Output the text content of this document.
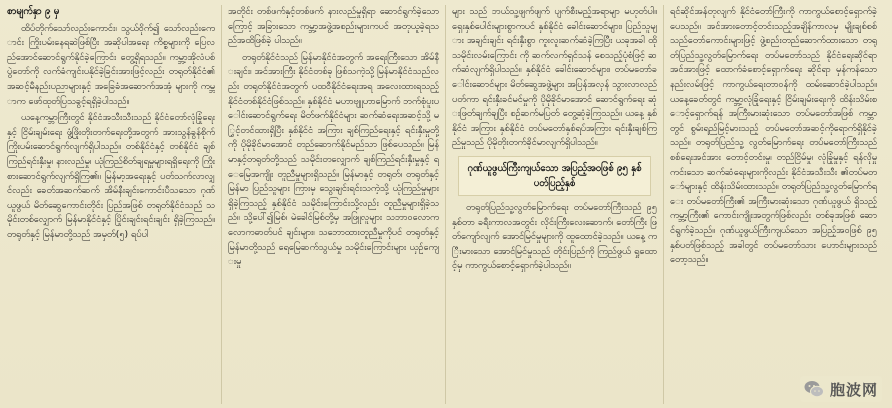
စာမျက်နှာ ၉ မှ

ထိပ်တိုက်သော်လည်းကောင်း၊ သွယ်ဝိုက်၍ သော်လည်းကောင်း ကြိုးပမ်းနေရဆဲဖြစ်ပြီး အဆိုပါအရေး ကိစ္စများကို ပြေလည်အောင်ဆောင်ရွက်နိုင်ခဲ့ကြောင်း တွေ့ရှိရသည်။ ကမ္ဘာ့အိုလံပစ် ပွဲတော်ကို လက်ခံကျင်းပနိုင်ခဲ့ခြင်းအားဖြင့်လည်း တရုတ်နိုင်ငံ၏ အဆင့်မီနည်းပညာများနှင့် အခြေခံအဆောက်အအုံ များကို ကမ္ဘာက ဖော်ထုတ်ပြသခွင့်ရရှိခဲ့ပါသည်။

ယနေ့ကမ္ဘာကြီးတွင် နိုင်ငံအသီးသီးသည် နိုင်ငံတော်လုံခြုံရေးနှင့် ငြိမ်းချမ်းရေး ဖွံ့ဖြိုးတိုးတက်ရေးတို့အတွက် အားသွန်ခွန်စိုက် ကြိုးပမ်းဆောင်ရွက်လျက်ရှိပါသည်။ တစ်နိုင်ငံနှင့် တစ်နိုင်ငံ ချစ်ကြည်ရင်းနှီးမှု၊ နားလည်မှု၊ ယုံကြည်စိတ်ချရမှုများရရှိရေးကို ကြိုးစားဆောင်ရွက်လျက်ရှိကြ၏။ မြန်မာ့အရေးနှင့် ပတ်သက်လာလျှင်လည်း ခေတ်အဆက်ဆက် အိမ်နီးချင်းကောင်းပီသသော ဂုဏ်ယူဖွယ် မိတ်ဆွေကောင်းတိုင်း ပြည်အဖြစ် တရုတ်နိုင်ငံသည် သမိုင်းတစ်လျှောက် မြန်မာနိုင်ငံနှင့် ပြိုင်းချင်းရင်းချင်း ရှိခဲ့ကြသည်။ တရုတ်နှင့် မြန်မာတို့သည် အမှတ်(၅) ရပ်ပါ

အတိုင်း တစ်ဖက်နှင့်တစ်ဖက် နားလည်မှုရှိရာ ဆောင်ရွက်ခဲ့သောကြောင့် အခြားသော ကမ္ဘာ့အဖွဲ့အစည်းများကပင် အတုယူခဲ့ရသည်အထိဖြစ်ခဲ့ ပါသည်။

တရုတ်နိုင်ငံသည် မြန်မာနိုင်ငံအတွက် အရေးကြီးသော အိမ်နီးချင်း၊ အင်အားကြီး နိုင်ငံတစ်ခု ဖြစ်သကဲ့သို့ မြန်မာနိုင်ငံသည်လည်း တရုတ်နိုင်ငံအတွက် ပထဝီနိုင်ငံရေးအရ အလေးထားရသည့် နိုင်ငံတစ်နိုင်ငံဖြစ်သည်။ နှစ်နိုင်ငံ မဟာဗျူဟာမြောက် ဘက်စုံပူးပေါင်းဆောင်ရွက်ရေး မိတ်ဖက်နိုင်ငံများ ဆက်ဆံရေးအဆင့်သို့ မြှင့်တင်ထားရှိပြီး နှစ်နိုင်ငံ အကြား ချစ်ကြည်ရေးနှင့် ရင်းနှီးမှုတို့ကို ပိုမိုခိုင်မာအောင် တည်ဆောက်နိုင်မည်သာ ဖြစ်ပေသည်။ မြန်မာနှင့်တရုတ်တို့သည် သမိုင်းတလျှောက် ချစ်ကြည်ရင်းနှီးမှုနှင့် ရေမြေအကျိုး တူညီမှုများရှိသည်။ မြန်မာနှင့် တရုတ်၊ တရုတ်နှင့်မြန်မာ ပြည်သူများ ကြားမှ သွေးချင်းရင်းသကဲ့သို့ ယုံကြည်မှုများ ရှိခဲ့ကြသည့် နှစ်နိုင်ငံ သမိုင်းကြောင်းသို့လည်း တူညီမှုများရှိခဲ့သည်။ သို့ပေါ်၍မြစ်၊ မဲခေါင်မြစ်တို့မှ အဖြူလူများ သဘာဝလောကလောကဓာတ်ပင် ချင်းများ၊ သဘောထားတူညီမှုကိုပင် တရုတ်နှင့် မြန်မာတို့သည် ရေမြေဆက်သွယ်မှု သမိုင်းကြောင်းများ ယှဉ်ကျေးမှု

များ သည် ဘယ်သူ့ဖျက်ဖျက် ပျက်စီးမည့်အရာမျာ မဟုတ်ပါ။ ရှေးနှစ်ပေါင်းများစွာကပင် နှစ်နိုင်ငံ ခေါင်းဆောင်များ၊ ပြည်သူများ အချင်းချင်း ရင်းနှီးစွာ ကူးလူးဆက်ဆံခဲ့ကြပြီး ယခုအခါ ထိုသမိုင်းလမ်းကြောင်း ကို ဆက်လက်ရှင်သန် စေသည့်ပုံစံဖြင့် ဆက်ဆံလျက်ရှိပါသည်။ နှစ်နိုင်ငံ ခေါင်းဆောင်များ၊ တပ်မတော်ခေါင်းဆောင်များ မိတ်ဆွေအဖွဲ့များ အပြန်အလှန် သွားလာလည်ပတ်ကာ ရင်းနှီးခင်မင်မှုကို ပိုမိုခိုင်မာအောင် ဆောင်ရွက်ရေး ဆုံးဖြတ်ချက်ချပြီး စဉ်ဆက်မပြတ် တွေ့ဆုံခဲ့ကြသည်။ ယနေ့ နှစ်နိုင်ငံ အကြား နှစ်နိုင်ငံ တပ်မတော်နှစ်ရပ်အကြား ရင်းနှီးချစ်ကြည်မှုသည် ပိုမိုတိုးတက်ခိုင်မာလျက်ရှိပါသည်။

ဂုဏ်ယူဖွယ်ကြီးကျယ်သော အပြည့်အဝဖြစ် ၉၅ နှစ်ပတ်ပြည့်နှစ်

တရုတ်ပြည်သူ့လွတ်မြောက်ရေး တပ်မတော်ကြီးသည် ၉၅ နှစ်တာ ခရီးကာလအတွင်း လိုင်းကြီးလေးဆောက်၊ တော်ကြီး ဖြတ်ကျော်လျက် အောင်မြင်မှုများကို ထူထောင်ခဲ့သည်။ ယနေ့ ကြီးမားသော အောင်မြင်မှုသည် တိုင်းပြည်ကို ကြည်ဖွယ် ရှုထောင့်မှ ကာကွယ်စောင့်ရှောက်ခဲ့ပါသည်။

ရင်ဆိုင်အန်တုလျက် နိုင်ငံတော်ကြီးကို ကာကွယ်စောင့်ရှောက်ခဲ့ပေသည်။ အင်အားတောင့်တင်းသည့်အချိန်ကာလမှ မျိုးချစ်စစ်သည်တော်ကောင်းများဖြင့် ဖွဲ့စည်းတည်ဆောက်ထားသော တရုတ်ပြည်သူ့လွတ်မြောက်ရေး တပ်မတော်သည် နိုင်ငံရေးဆိုင်ရာ အင်အားဖြင့် ထောက်ခံစောင့်ရှောက်ရေး ဆိုင်ရာ မှန်ကန်သော နည်းလမ်းဖြင့် ကာကွယ်ရေးတာဝန်ကို ထမ်းဆောင်ခဲ့ပါသည်။ ယနေ့ခေတ်တွင် ကမ္ဘာ့လုံခြုံရေးနှင့် ငြိမ်းချမ်းရေးကို ထိန်းသိမ်းစောင့်ရှောက်ရန် အကြီးမားဆုံးသော တပ်မတော်အဖြစ် ကမ္ဘာတွင် စွမ်းရည်မြင့်မားသည့် တပ်မတော်အဆင့်ကိုရောက်ရှိနိုင်ခဲ့သည်။ တရုတ်ပြည်သူ့ လွတ်မြောက်ရေး တပ်မတော်ကြီးသည် စစ်ရေးအင်အား တောင့်တင်းမှု၊ တည်ငြိမ်မှု၊ လုံခြုံမှုနှင့် ရန်လိုမှု ကင်းသော ဆက်ဆံရေးများကိုလည်း နိုင်ငံအသီးသီး ၏တပ်မတော်များနှင့် ထိန်းသိမ်းထားသည်။ တရုတ်ပြည်သူ့လွတ်မြောက်ရေး တပ်မတော်ကြီး၏ အကြီးမားဆုံးသော ဂုဏ်ယူဖွယ် ရှိသည့် ကမ္ဘာ့ကြီး၏ ကောင်းကျိုးအတွက်ဖြစ်လည်း တစ်ခုအဖြစ် ဆောင်ရွက်ခဲ့သည်။ ဂုဏ်ယူဖွယ်ကြီးကျယ်သော အပြည့်အဝဖြစ် ၉၅ နှစ်ပတ်ဖြစ်သည့် အခါတွင် တပ်မတော်သား ဟောင်းများသည် တော့သည်။

胞波网
